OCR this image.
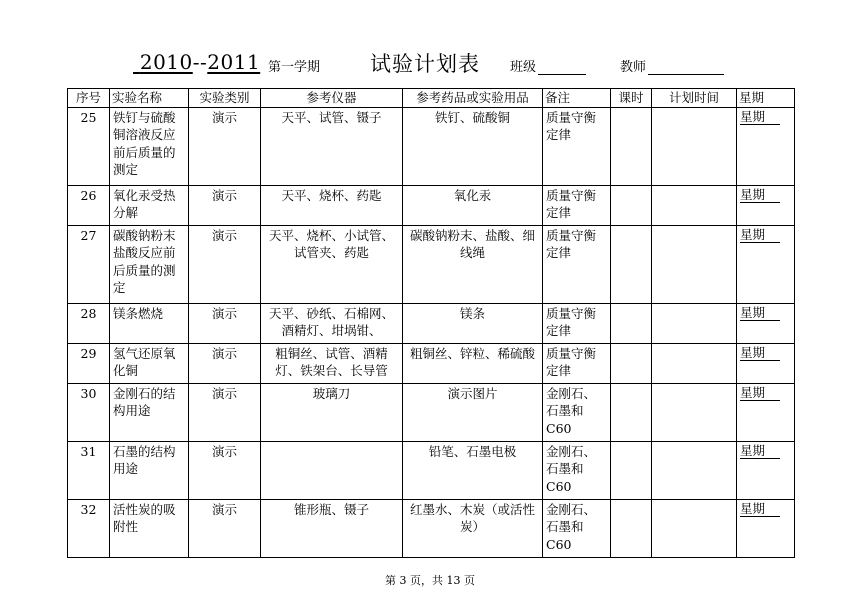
2010--2011 第一学期 试验计划表 班级	教师
序号	实验名称	实验类别	参考仪器	参考药品或实验用品	备注	课时	计划时间	星期
25	铁钉与硫酸铜溶液反应前后质量的测定	演示	天平、试管、镊子	铁钉、硫酸铜	质量守衡定律			星期

26	氧化汞受热分解	演示	天平、烧杯、药匙	氧化汞	质量守衡定律			星期

27	碳酸钠粉末盐酸反应前后质量的测定	演示	天平、烧杯、小试管、试管夹、药匙	碳酸钠粉末、盐酸、细线绳	质量守衡定律			星期

28	镁条燃烧	演示	天平、砂纸、石棉网、酒精灯、坩埚钳、	镁条	质量守衡定律			星期

29	氢气还原氧化铜	演示	粗铜丝、试管、酒精灯、铁架台、长导管	粗铜丝、锌粒、稀硫酸	质量守衡定律			星期

30	金刚石的结构用途	演示	玻璃刀	演示图片	金刚石、石墨和C60			星期

31	石墨的结构用途	演示		铅笔、石墨电极	金刚石、石墨和C60			星期

32	活性炭的吸附性	演示	锥形瓶、镊子	红墨水、木炭（或活性炭）	金刚石、石墨和C60			星期
第 3 页，共 13 页
